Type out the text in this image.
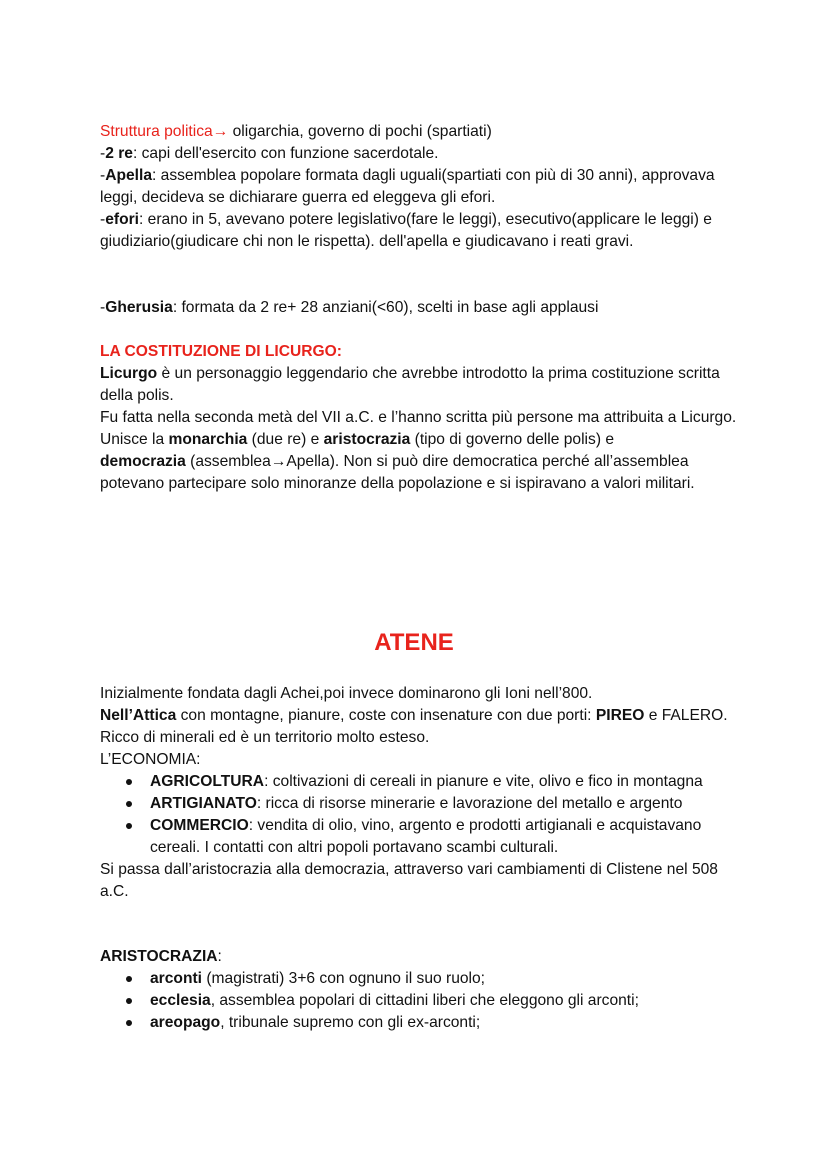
Struttura politica→ oligarchia, governo di pochi (spartiati)
-2 re: capi dell'esercito con funzione sacerdotale.
-Apella: assemblea popolare formata dagli uguali(spartiati con più di 30 anni), approvava leggi, decideva se dichiarare guerra ed eleggeva gli efori.
-efori: erano in 5, avevano potere legislativo(fare le leggi), esecutivo(applicare le leggi) e giudiziario(giudicare chi non le rispetta). dell'apella e giudicavano i reati gravi.
-Gherusia: formata da 2 re+ 28 anziani(<60), scelti in base agli applausi
LA COSTITUZIONE DI LICURGO:
Licurgo è un personaggio leggendario che avrebbe introdotto la prima costituzione scritta della polis.
Fu fatta nella seconda metà del VII a.C. e l’hanno scritta più persone ma attribuita a Licurgo.
Unisce la monarchia (due re) e aristocrazia (tipo di governo delle polis) e
democrazia (assemblea→Apella). Non si può dire democratica perché all’assemblea potevano partecipare solo minoranze della popolazione e si ispiravano a valori militari.
ATENE
Inizialmente fondata dagli Achei,poi invece dominarono gli Ioni nell’800.
Nell’Attica con montagne, pianure, coste con insenature con due porti: PIREO e FALERO. Ricco di minerali ed è un territorio molto esteso.
L’ECONOMIA:
AGRICOLTURA: coltivazioni di cereali in pianure e vite, olivo e fico in montagna
ARTIGIANATO: ricca di risorse minerarie e lavorazione del metallo e argento
COMMERCIO: vendita di olio, vino, argento e prodotti artigianali e acquistavano cereali. I contatti con altri popoli portavano scambi culturali.
Si passa dall’aristocrazia alla democrazia, attraverso vari cambiamenti di Clistene nel 508 a.C.
ARISTOCRAZIA:
arconti (magistrati) 3+6 con ognuno il suo ruolo;
ecclesia, assemblea popolari di cittadini liberi che eleggono gli arconti;
areopago, tribunale supremo con gli ex-arconti;
